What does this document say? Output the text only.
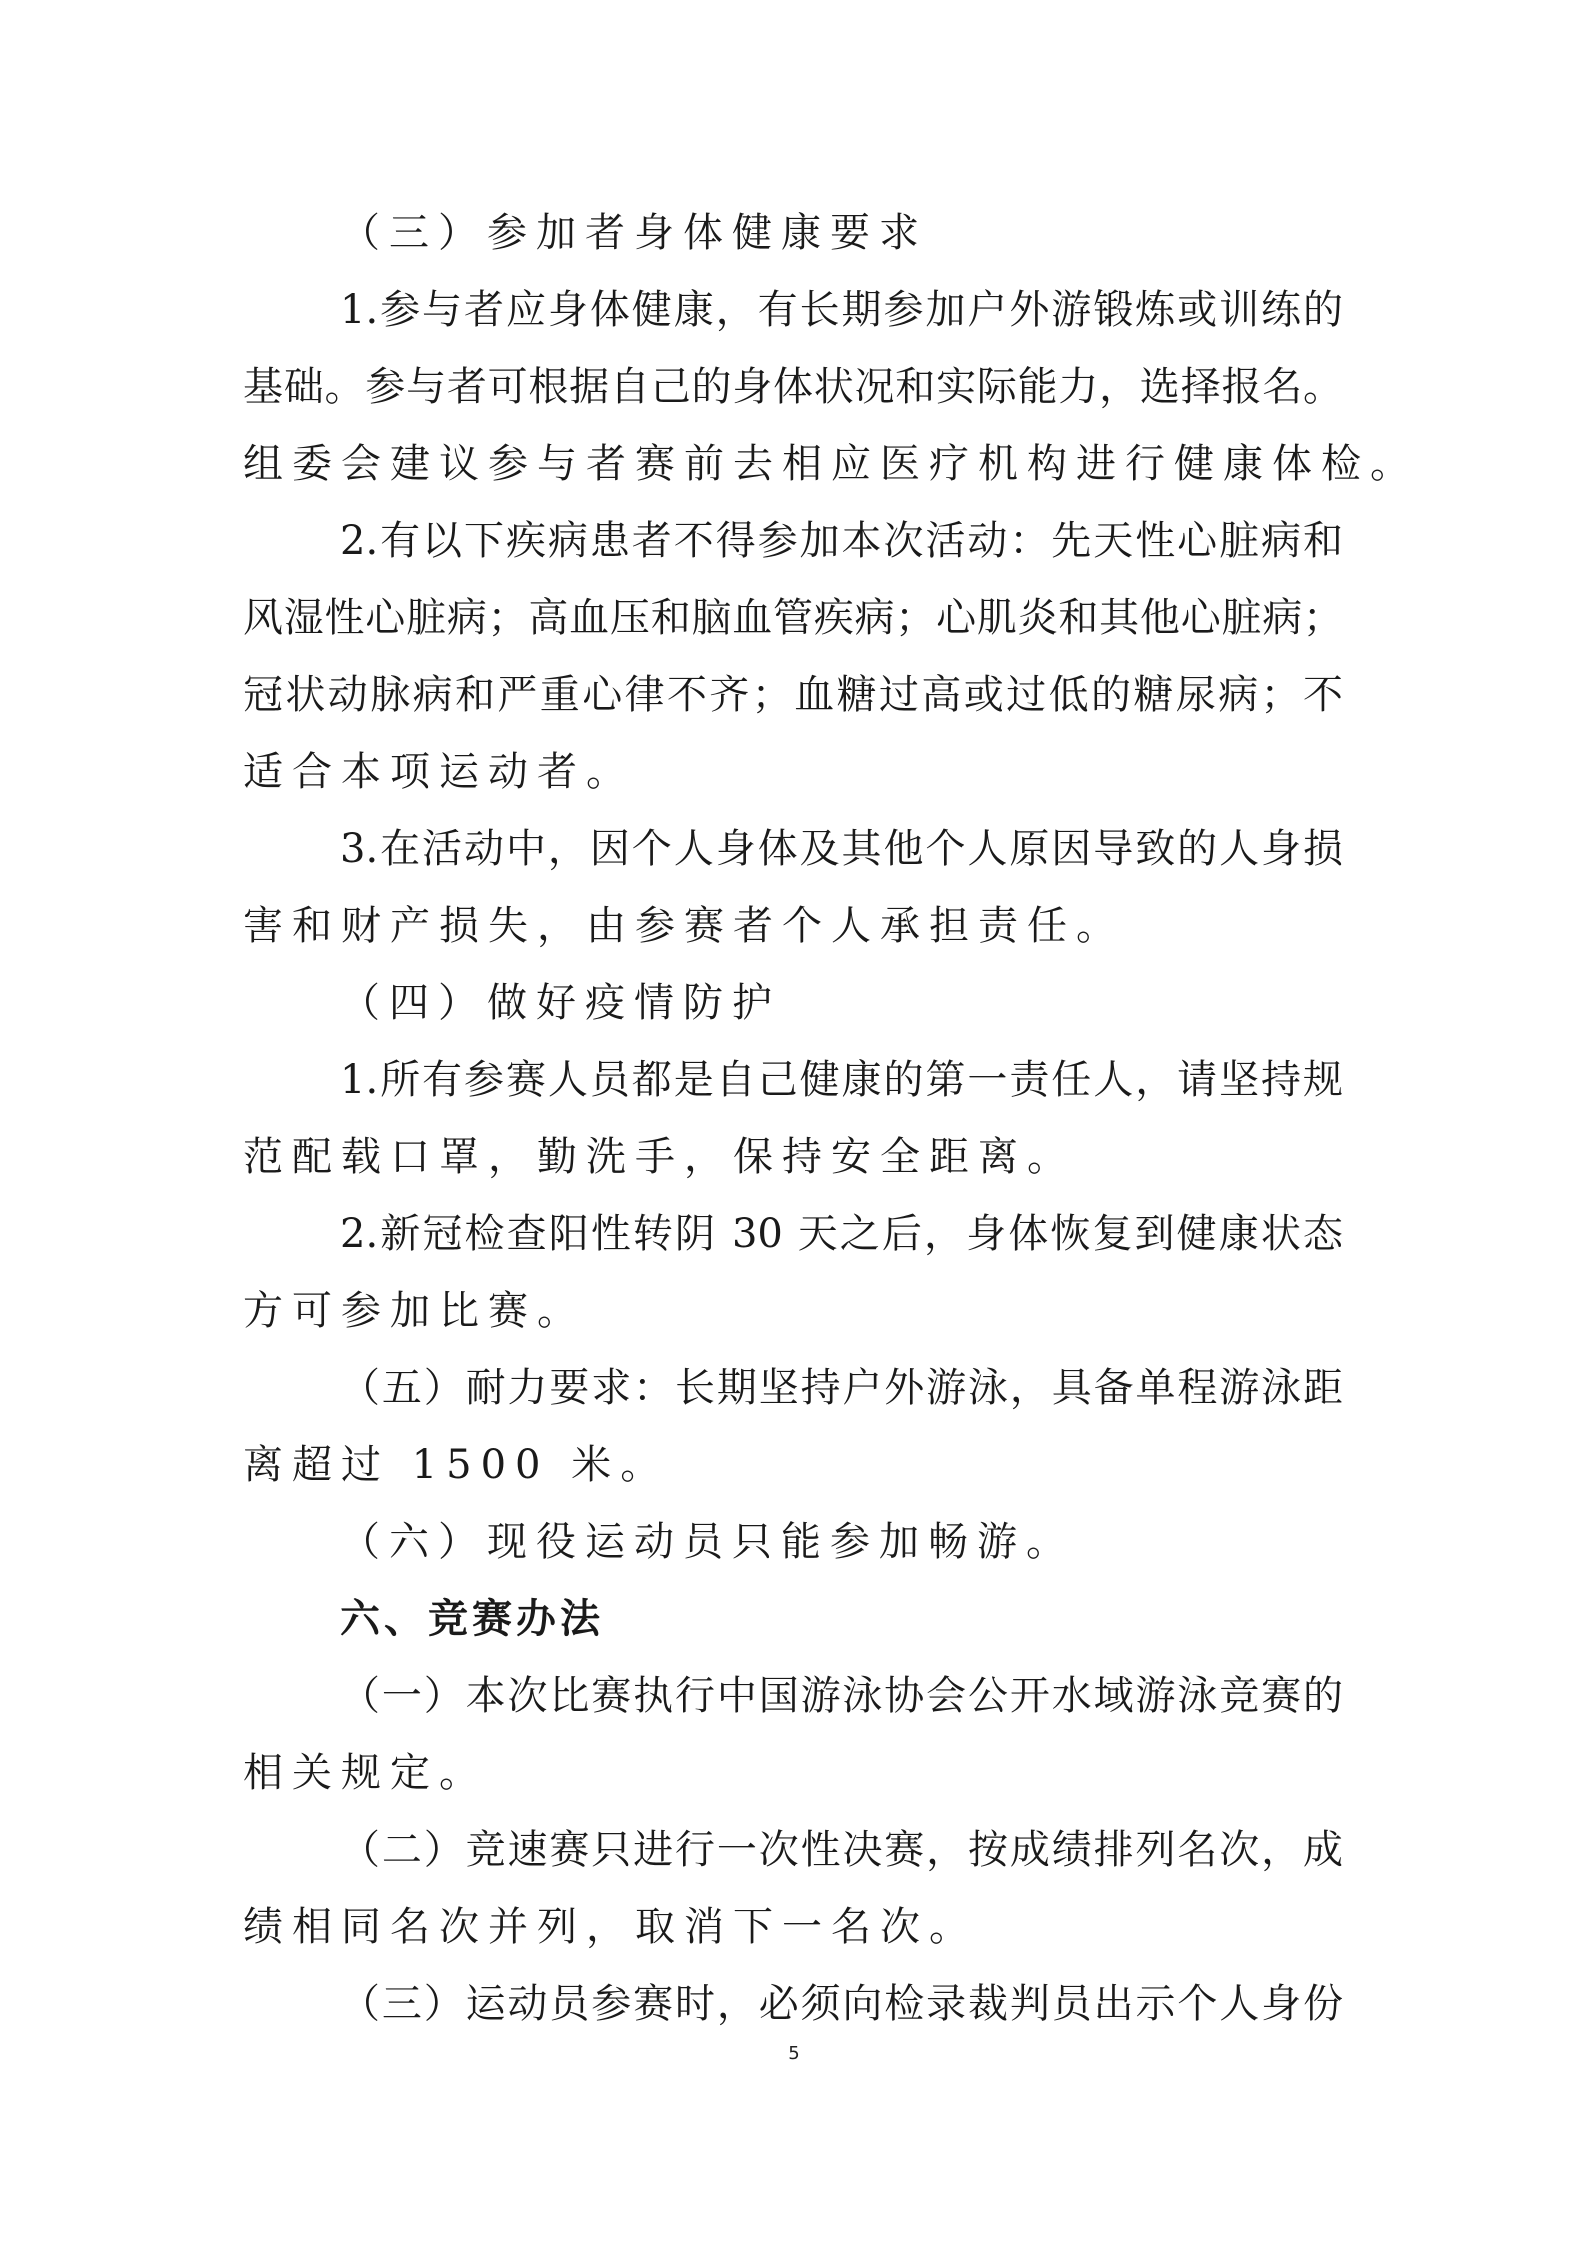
（三）参加者身体健康要求
1.参与者应身体健康，有长期参加户外游锻炼或训练的
基础。参与者可根据自己的身体状况和实际能力，选择报名。
组委会建议参与者赛前去相应医疗机构进行健康体检。
2.有以下疾病患者不得参加本次活动：先天性心脏病和
风湿性心脏病；高血压和脑血管疾病；心肌炎和其他心脏病；
冠状动脉病和严重心律不齐；血糖过高或过低的糖尿病；不
适合本项运动者。
3.在活动中，因个人身体及其他个人原因导致的人身损
害和财产损失，由参赛者个人承担责任。
（四）做好疫情防护
1.所有参赛人员都是自己健康的第一责任人，请坚持规
范配载口罩，勤洗手，保持安全距离。
2.新冠检查阳性转阴 30 天之后，身体恢复到健康状态
方可参加比赛。
（五）耐力要求：长期坚持户外游泳，具备单程游泳距
离超过 1500 米。
（六）现役运动员只能参加畅游。
六、竞赛办法
（一）本次比赛执行中国游泳协会公开水域游泳竞赛的
相关规定。
（二）竞速赛只进行一次性决赛，按成绩排列名次，成
绩相同名次并列，取消下一名次。
（三）运动员参赛时，必须向检录裁判员出示个人身份
5
